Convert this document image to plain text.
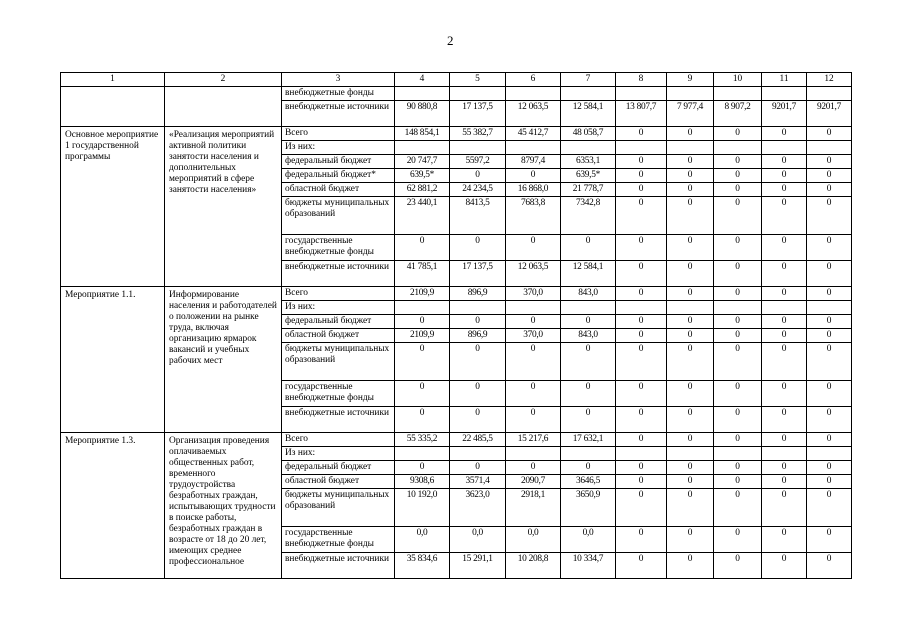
2
1	2	3	4	5	6	7	8	9	10	11	12
		внебюджетные фонды									
		внебюджетные источники	90 880,8	17 137,5	12 063,5	12 584,1	13 807,7	7 977,4	8 907,2	9201,7	9201,7
Основное мероприятие 1 государственной программы	«Реализация мероприятий активной политики занятости населения и дополнительных мероприятий в сфере занятости населения»	Всего	148 854,1	55 382,7	45 412,7	48 058,7	0	0	0	0	0
		Из них:									
		федеральный бюджет	20 747,7	5597,2	8797,4	6353,1	0	0	0	0	0
		федеральный бюджет*	639,5*	0	0	639,5*	0	0	0	0	0
		областной бюджет	62 881,2	24 234,5	16 868,0	21 778,7	0	0	0	0	0
		бюджеты муниципальных образований	23 440,1	8413,5	7683,8	7342,8	0	0	0	0	0
		государственные внебюджетные фонды	0	0	0	0	0	0	0	0	0
		внебюджетные источники	41 785,1	17 137,5	12 063,5	12 584,1	0	0	0	0	0
Мероприятие 1.1.	Информирование населения и работодателей о положении на рынке труда, включая организацию ярмарок вакансий и учебных рабочих мест	Всего	2109,9	896,9	370,0	843,0	0	0	0	0	0
		Из них:									
		федеральный бюджет	0	0	0	0	0	0	0	0	0
		областной бюджет	2109,9	896,9	370,0	843,0	0	0	0	0	0
		бюджеты муниципальных образований	0	0	0	0	0	0	0	0	0
		государственные внебюджетные фонды	0	0	0	0	0	0	0	0	0
		внебюджетные источники	0	0	0	0	0	0	0	0	0
Мероприятие 1.3.	Организация проведения оплачиваемых общественных работ, временного трудоустройства безработных граждан, испытывающих трудности в поиске работы, безработных граждан в возрасте от 18 до 20 лет, имеющих среднее профессиональное	Всего	55 335,2	22 485,5	15 217,6	17 632,1	0	0	0	0	0
		Из них:									
		федеральный бюджет	0	0	0	0	0	0	0	0	0
		областной бюджет	9308,6	3571,4	2090,7	3646,5	0	0	0	0	0
		бюджеты муниципальных образований	10 192,0	3623,0	2918,1	3650,9	0	0	0	0	0
		государственные внебюджетные фонды	0,0	0,0	0,0	0,0	0	0	0	0	0
		внебюджетные источники	35 834,6	15 291,1	10 208,8	10 334,7	0	0	0	0	0
